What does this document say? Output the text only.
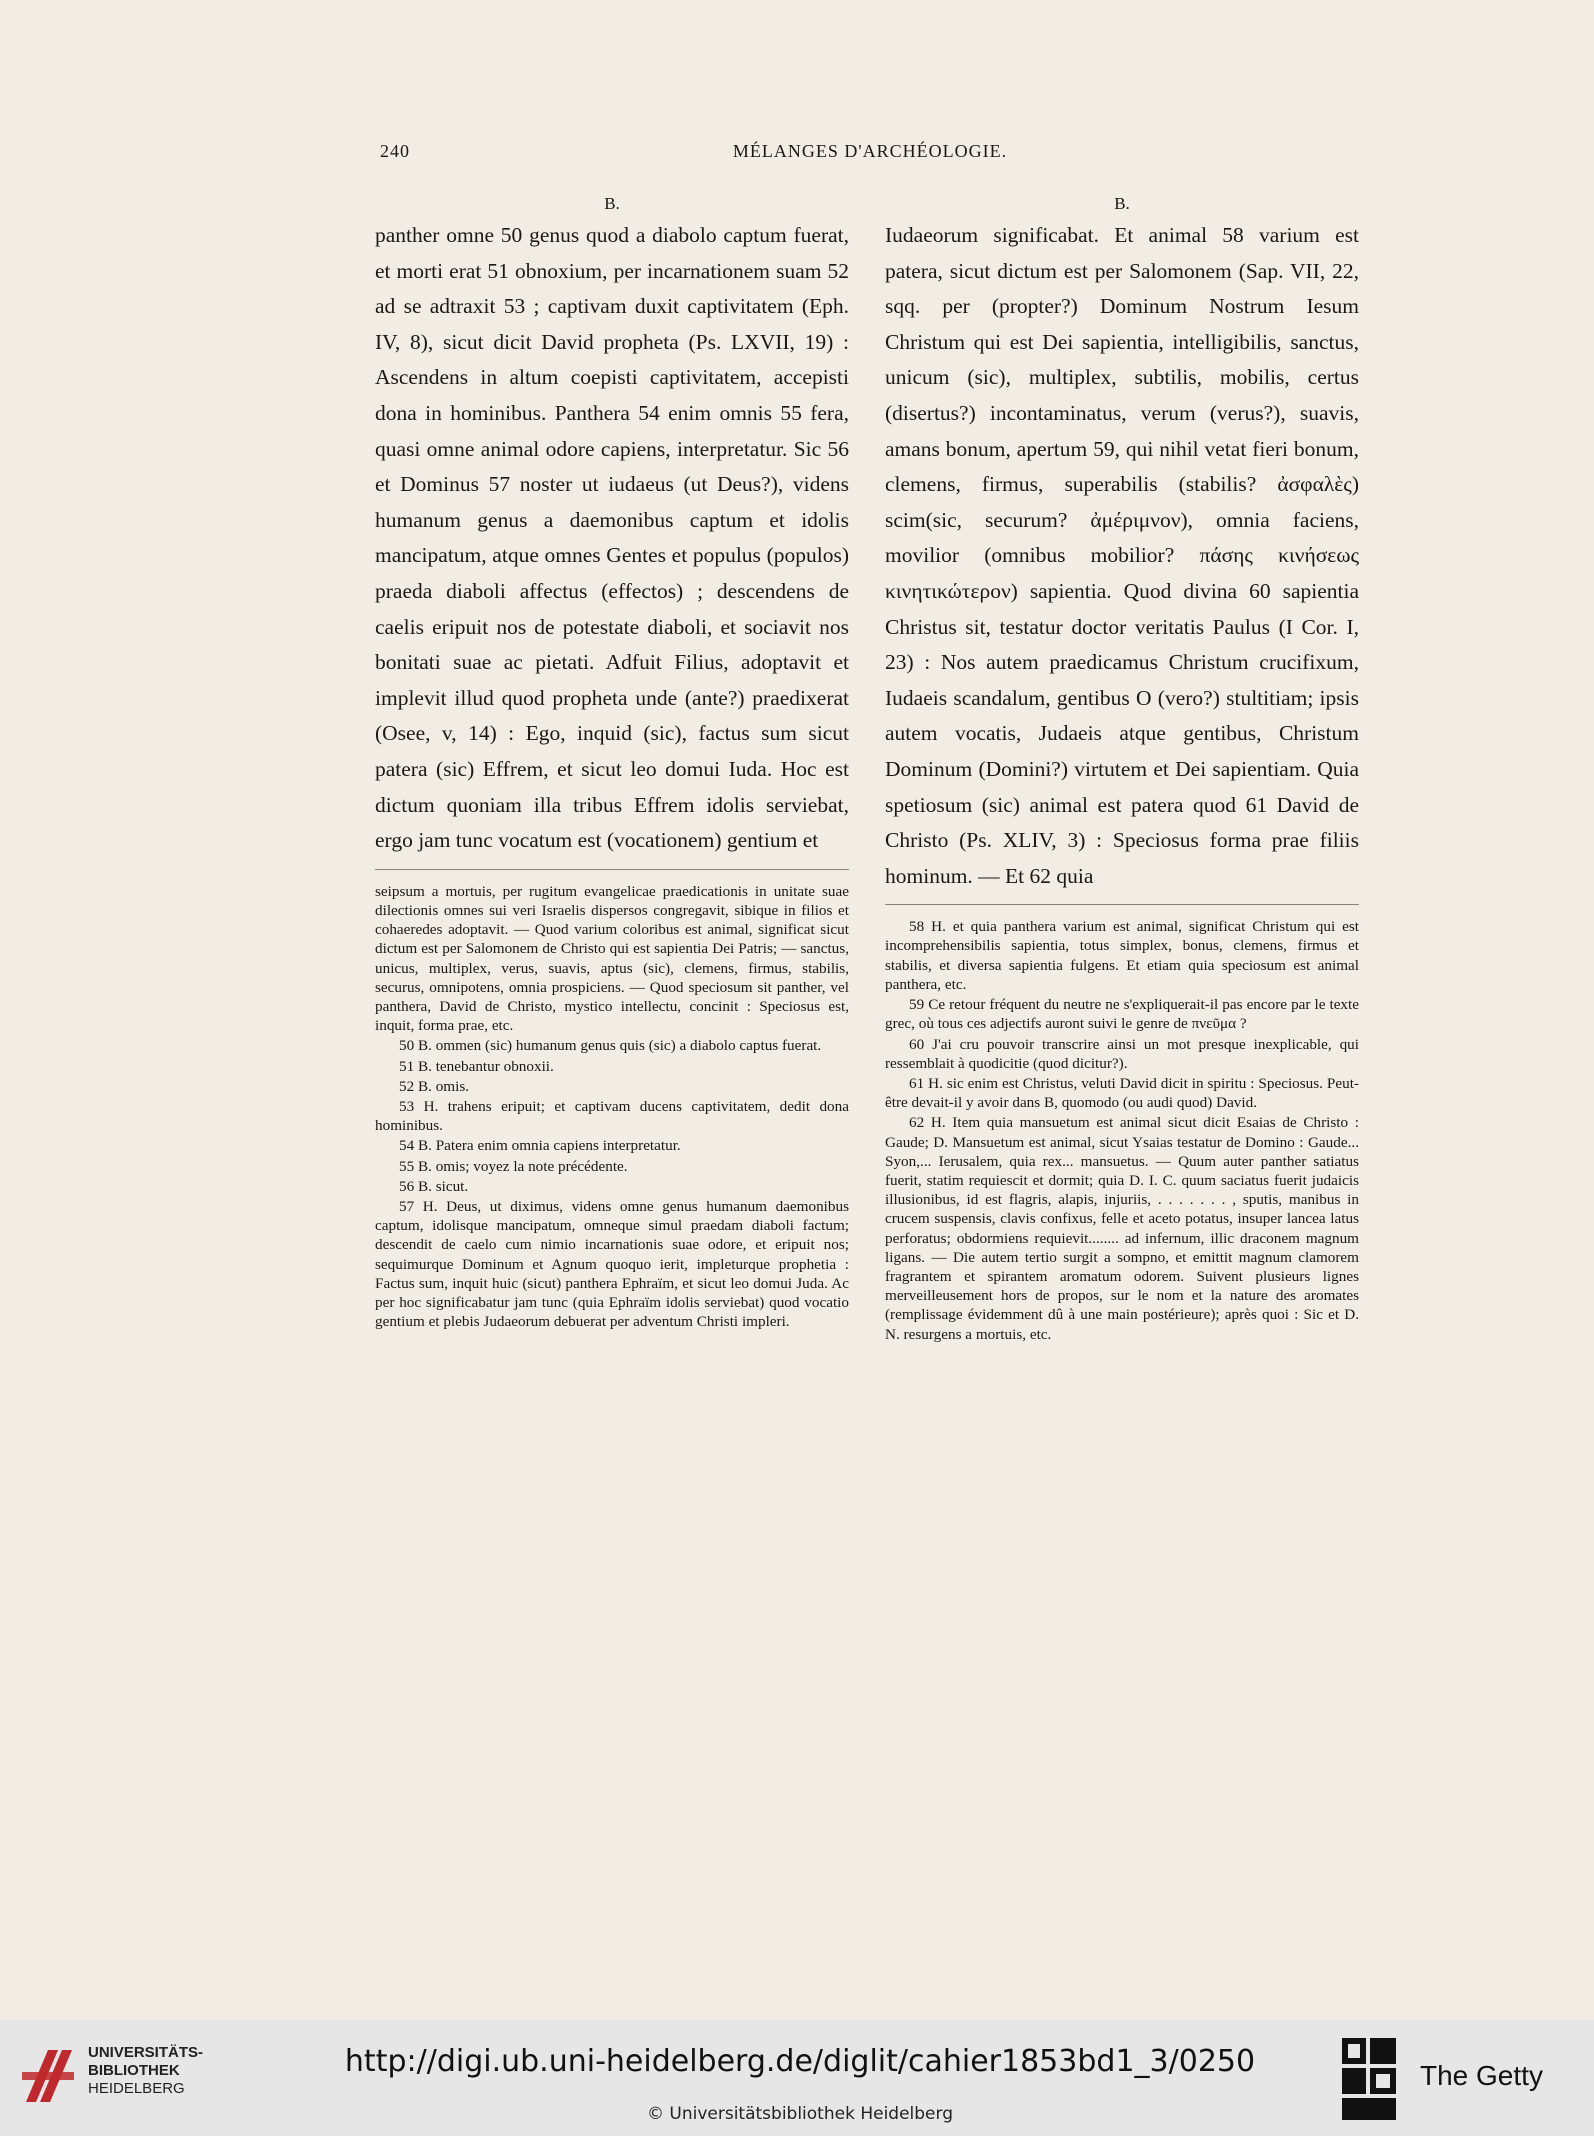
240	MÉLANGES D'ARCHÉOLOGIE.
B.

panther omne 50 genus quod a diabolo captum fuerat, et morti erat 51 obnoxium, per incarnationem suam 52 ad se adtraxit 53 ; captivam duxit captivitatem (Eph. IV, 8), sicut dicit David propheta (Ps. LXVII, 19) : Ascendens in altum coepisti captivitatem, accepisti dona in hominibus. Panthera 54 enim omnis 55 fera, quasi omne animal odore capiens, interpretatur. Sic 56 et Dominus 57 noster ut iudaeus (ut Deus?), videns humanum genus a daemonibus captum et idolis mancipatum, atque omnes Gentes et populus (populos) praeda diaboli affectus (effectos) ; descendens de caelis eripuit nos de potestate diaboli, et sociavit nos bonitati suae ac pietati. Adfuit Filius, adoptavit et implevit illud quod propheta unde (ante?) praedixerat (Osee, v, 14) : Ego, inquid (sic), factus sum sicut patera (sic) Effrem, et sicut leo domui Iuda. Hoc est dictum quoniam illa tribus Effrem idolis serviebat, ergo jam tunc vocatum est (vocationem) gentium et

seipsum a mortuis, per rugitum evangelicae praedicationis in unitate suae dilectionis omnes sui veri Israelis dispersos congregavit, sibique in filios et cohaeredes adoptavit. — Quod varium coloribus est animal, significat sicut dictum est per Salomonem de Christo qui est sapientia Dei Patris; — sanctus, unicus, multiplex, verus, suavis, aptus (sic), clemens, firmus, stabilis, securus, omnipotens, omnia prospiciens. — Quod speciosum sit panther, vel panthera, David de Christo, mystico intellectu, concinit : Speciosus est, inquit, forma prae, etc.

50 B. ommen (sic) humanum genus quis (sic) a diabolo captus fuerat.

51 B. tenebantur obnoxii.

52 B. omis.

53 H. trahens eripuit; et captivam ducens captivitatem, dedit dona hominibus.

54 B. Patera enim omnia capiens interpretatur.

55 B. omis; voyez la note précédente.

56 B. sicut.

57 H. Deus, ut diximus, videns omne genus humanum daemonibus captum, idolisque mancipatum, omneque simul praedam diaboli factum; descendit de caelo cum nimio incarnationis suae odore, et eripuit nos; sequimurque Dominum et Agnum quoquo ierit, impleturque prophetia : Factus sum, inquit huic (sicut) panthera Ephraïm, et sicut leo domui Juda. Ac per hoc significabatur jam tunc (quia Ephraïm idolis serviebat) quod vocatio gentium et plebis Judaeorum debuerat per adventum Christi impleri.

B.

Iudaeorum significabat. Et animal 58 varium est patera, sicut dictum est per Salomonem (Sap. VII, 22, sqq. per (propter?) Dominum Nostrum Iesum Christum qui est Dei sapientia, intelligibilis, sanctus, unicum (sic), multiplex, subtilis, mobilis, certus (disertus?) incontaminatus, verum (verus?), suavis, amans bonum, apertum 59, qui nihil vetat fieri bonum, clemens, firmus, superabilis (stabilis? ἀσφαλὲς) scim(sic, securum? ἀμέριμνον), omnia faciens, movilior (omnibus mobilior? πάσης κινήσεως κινητικώτερον) sapientia. Quod divina 60 sapientia Christus sit, testatur doctor veritatis Paulus (I Cor. I, 23) : Nos autem praedicamus Christum crucifixum, Iudaeis scandalum, gentibus O (vero?) stultitiam; ipsis autem vocatis, Judaeis atque gentibus, Christum Dominum (Domini?) virtutem et Dei sapientiam. Quia spetiosum (sic) animal est patera quod 61 David de Christo (Ps. XLIV, 3) : Speciosus forma prae filiis hominum. — Et 62 quia

58 H. et quia panthera varium est animal, significat Christum qui est incomprehensibilis sapientia, totus simplex, bonus, clemens, firmus et stabilis, et diversa sapientia fulgens. Et etiam quia speciosum est animal panthera, etc.

59 Ce retour fréquent du neutre ne s'expliquerait-il pas encore par le texte grec, où tous ces adjectifs auront suivi le genre de πνεῦμα ?

60 J'ai cru pouvoir transcrire ainsi un mot presque inexplicable, qui ressemblait à quodicitie (quod dicitur?).

61 H. sic enim est Christus, veluti David dicit in spiritu : Speciosus. Peut-être devait-il y avoir dans B, quomodo (ou audi quod) David.

62 H. Item quia mansuetum est animal sicut dicit Esaias de Christo : Gaude; D. Mansuetum est animal, sicut Ysaias testatur de Domino : Gaude... Syon,... Ierusalem, quia rex... mansuetus. — Quum auter panther satiatus fuerit, statim requiescit et dormit; quia D. I. C. quum saciatus fuerit judaicis illusionibus, id est flagris, alapis, injuriis, . . . . . . . , sputis, manibus in crucem suspensis, clavis confixus, felle et aceto potatus, insuper lancea latus perforatus; obdormiens requievit........ ad infernum, illic draconem magnum ligans. — Die autem tertio surgit a sompno, et emittit magnum clamorem fragrantem et spirantem aromatum odorem. Suivent plusieurs lignes merveilleusement hors de propos, sur le nom et la nature des aromates (remplissage évidemment dû à une main postérieure); après quoi : Sic et D. N. resurgens a mortuis, etc.

UNIVERSITÄTS-
BIBLIOTHEK
HEIDELBERG
http://digi.ub.uni-heidelberg.de/diglit/cahier1853bd1_3/0250
© Universitätsbibliothek Heidelberg
The Getty
